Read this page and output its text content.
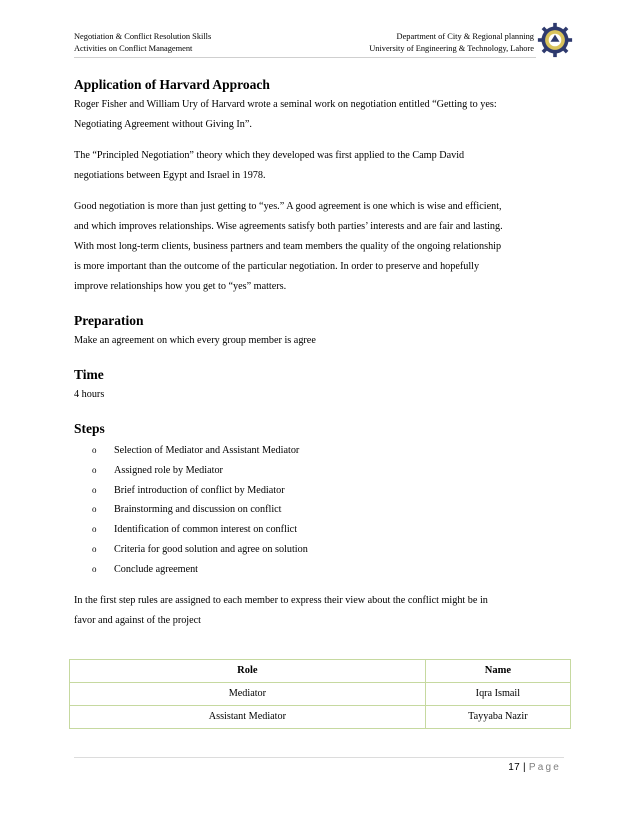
Negotiation & Conflict Resolution Skills
Activities on Conflict Management
Department of City & Regional planning
University of Engineering & Technology, Lahore
Application of Harvard Approach

Roger Fisher and William Ury of Harvard wrote a seminal work on negotiation entitled “Getting to yes:

Negotiating Agreement without Giving In”.

The “Principled Negotiation” theory which they developed was first applied to the Camp David

negotiations between Egypt and Israel in 1978.

Good negotiation is more than just getting to “yes.” A good agreement is one which is wise and efficient,

and which improves relationships. Wise agreements satisfy both parties’ interests and are fair and lasting.

With most long-term clients, business partners and team members the quality of the ongoing relationship

is more important than the outcome of the particular negotiation. In order to preserve and hopefully

improve relationships how you get to “yes” matters.

Preparation

Make an agreement on which every group member is agree

Time

4 hours

Steps
o Selection of Mediator and Assistant Mediator
o Assigned role by Mediator
o Brief introduction of conflict by Mediator
o Brainstorming and discussion on conflict
o Identification of common interest on conflict
o Criteria for good solution and agree on solution
o Conclude agreement

In the first step rules are assigned to each member to express their view about the conflict might be in

favor and against of the project

Role	Name
Mediator	Iqra Ismail
Assistant Mediator	Tayyaba Nazir
17 | Page
